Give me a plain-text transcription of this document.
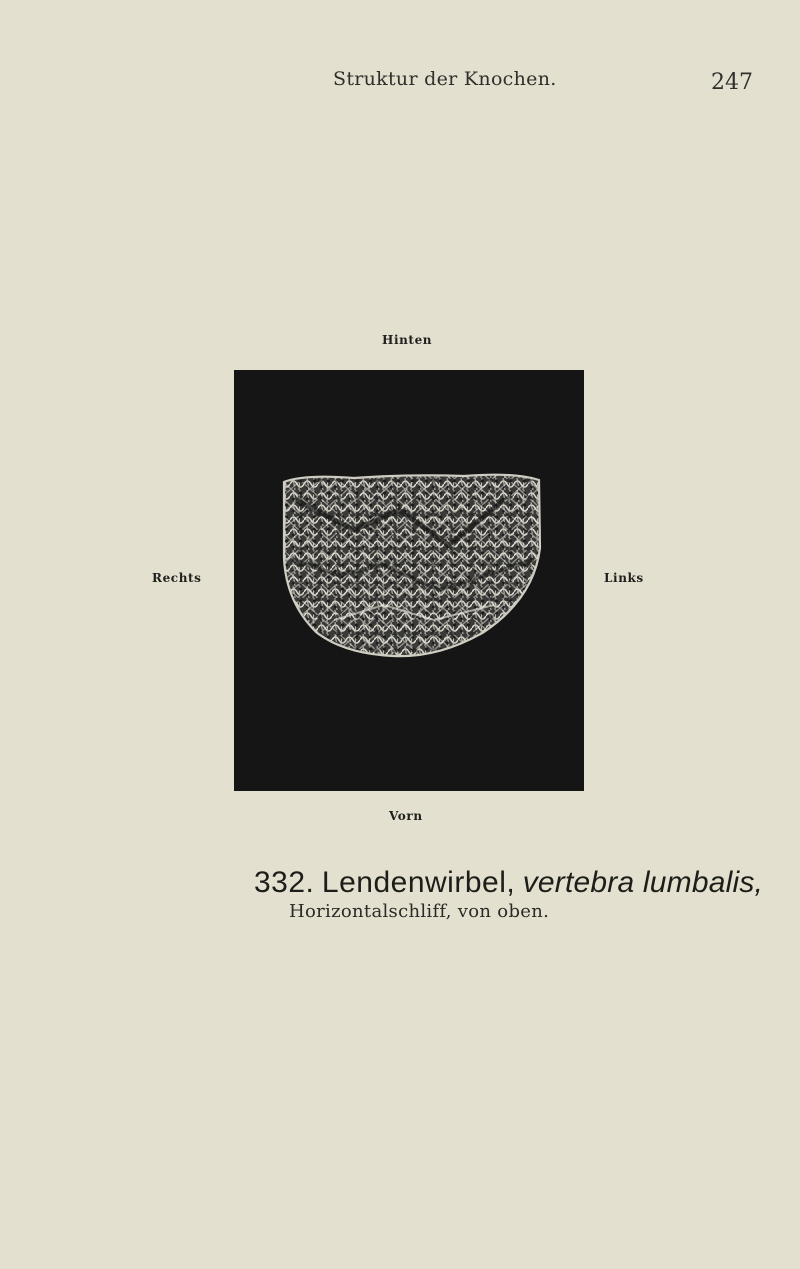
Struktur der Knochen.	247
Hinten
Rechts	Links
Vorn
332. Lendenwirbel, vertebra lumbalis,
Horizontalschliff, von oben.
